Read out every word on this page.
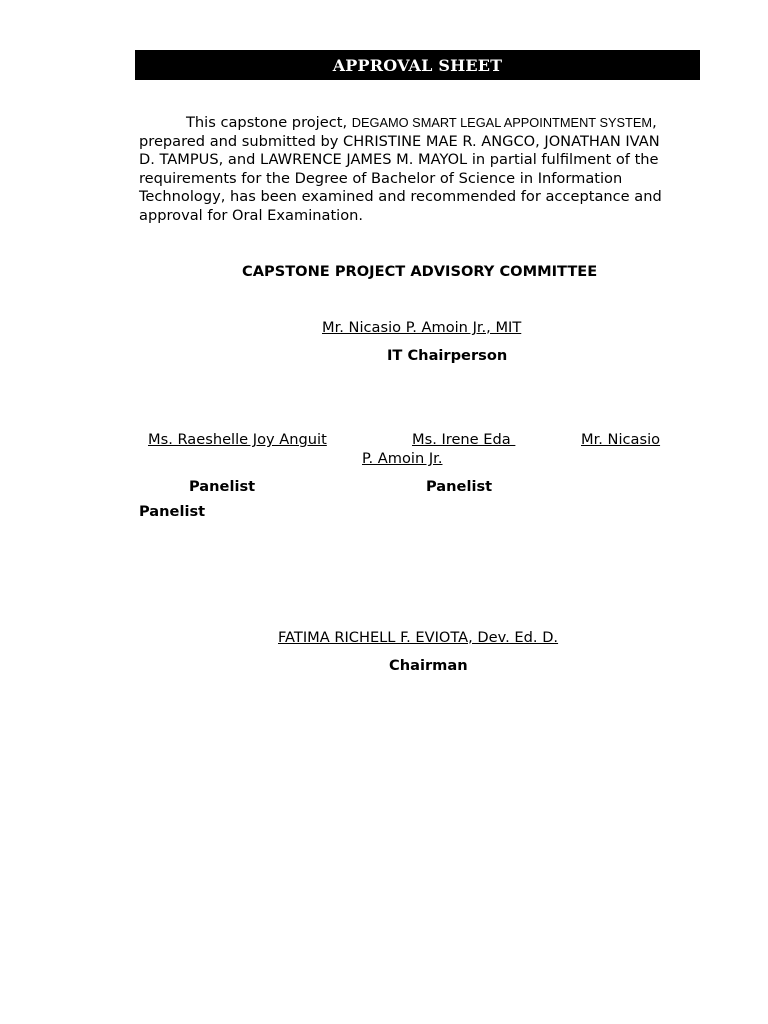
APPROVAL SHEET

This capstone project, DEGAMO SMART LEGAL APPOINTMENT SYSTEM, prepared and submitted by CHRISTINE MAE R. ANGCO, JONATHAN IVAN D. TAMPUS, and LAWRENCE JAMES M. MAYOL in partial fulfilment of the requirements for the Degree of Bachelor of Science in Information Technology, has been examined and recommended for acceptance and approval for Oral Examination.

CAPSTONE PROJECT ADVISORY COMMITTEE

Mr. Nicasio P. Amoin Jr., MIT

IT Chairperson

Ms. Raeshelle Joy Anguit	Ms. Irene Eda	Mr. Nicasio

P. Amoin Jr.

Panelist	Panelist

Panelist

FATIMA RICHELL F. EVIOTA, Dev. Ed. D.

Chairman
